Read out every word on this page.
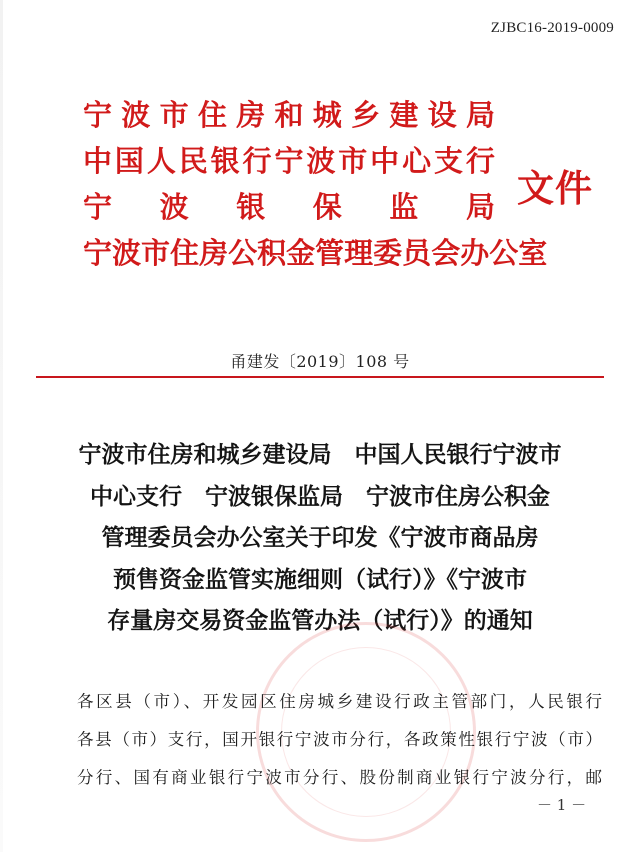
ZJBC16-2019-0009
宁 波 市 住 房 和 城 乡 建 设 局
中 国 人 民 银 行 宁 波 市 中 心 支 行
宁 波 银 保 监 局
宁 波 市 住 房 公 积 金 管 理 委 员 会 办 公 室
文件
甬建发〔2019〕108 号
宁波市住房和城乡建设局　中国人民银行宁波市
中心支行　宁波银保监局　宁波市住房公积金
管理委员会办公室关于印发《宁波市商品房
预售资金监管实施细则（试行）》《宁波市
存量房交易资金监管办法（试行）》的通知
各区县（市）、开发园区住房城乡建设行政主管部门，人民银行
各县（市）支行，国开银行宁波市分行，各政策性银行宁波（市）
分行、国有商业银行宁波市分行、股份制商业银行宁波分行，邮
－ 1 －
